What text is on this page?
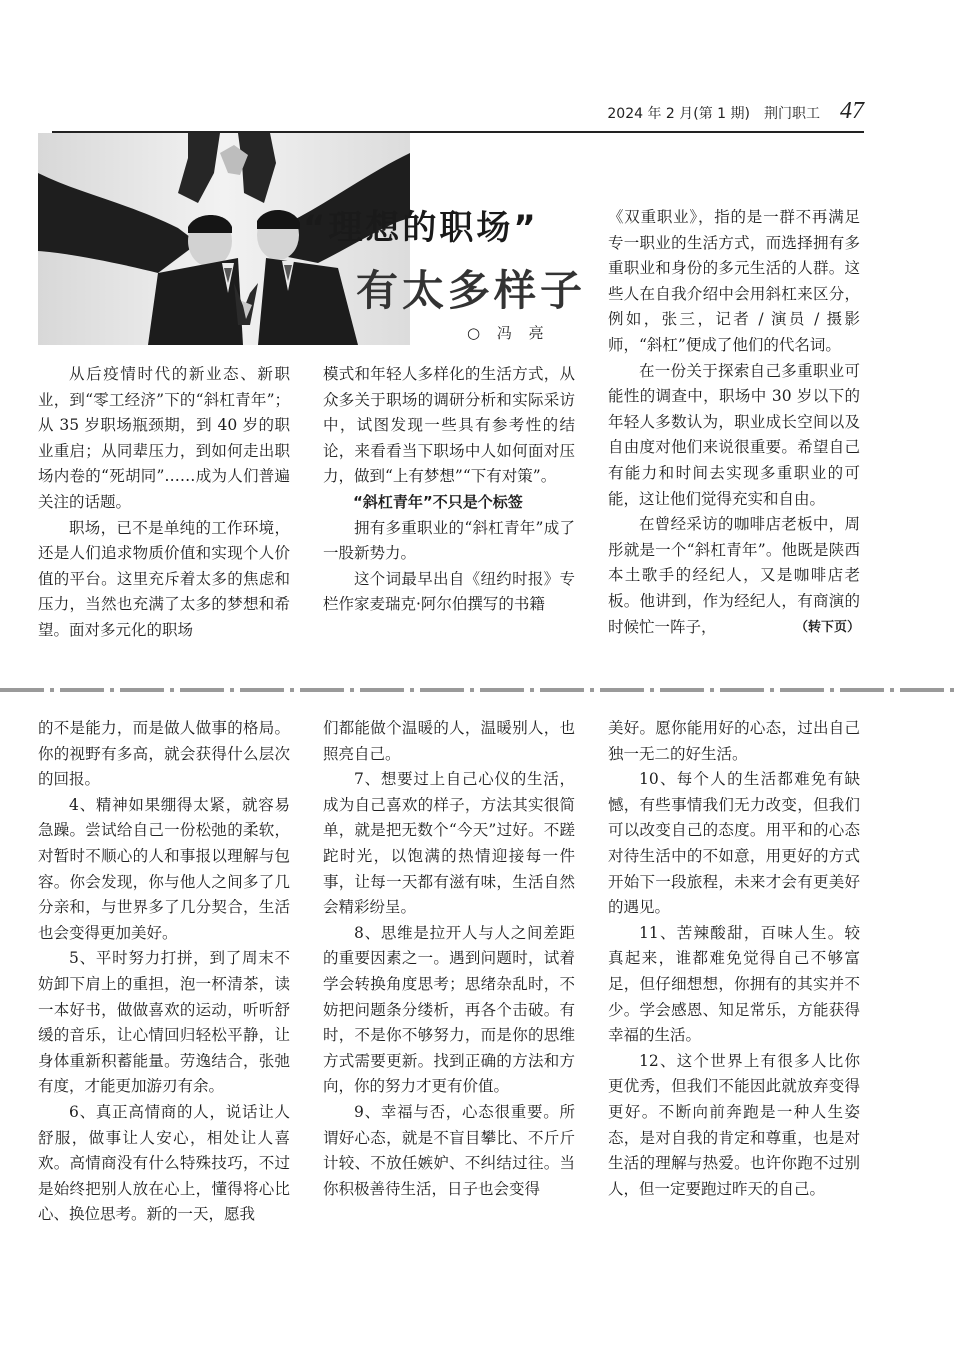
2024 年 2 月(第 1 期) 荆门职工 47
“理想的职场”
有太多样子
○ 冯 亮

从后疫情时代的新业态、新职业，到“零工经济”下的“斜杠青年”；从 35 岁职场瓶颈期，到 40 岁的职业重启；从同辈压力，到如何走出职场内卷的“死胡同”……成为人们普遍关注的话题。

职场，已不是单纯的工作环境，还是人们追求物质价值和实现个人价值的平台。这里充斥着太多的焦虑和压力，当然也充满了太多的梦想和希望。面对多元化的职场

模式和年轻人多样化的生活方式，从众多关于职场的调研分析和实际采访中，试图发现一些具有参考性的结论，来看看当下职场中人如何面对压力，做到“上有梦想”“下有对策”。

“斜杠青年”不只是个标签

拥有多重职业的“斜杠青年”成了一股新势力。

这个词最早出自《纽约时报》专栏作家麦瑞克·阿尔伯撰写的书籍

《双重职业》，指的是一群不再满足专一职业的生活方式，而选择拥有多重职业和身份的多元生活的人群。这些人在自我介绍中会用斜杠来区分，例如，张三，记者 / 演员 / 摄影师，“斜杠”便成了他们的代名词。

在一份关于探索自己多重职业可能性的调查中，职场中 30 岁以下的年轻人多数认为，职业成长空间以及自由度对他们来说很重要。希望自己有能力和时间去实现多重职业的可能，这让他们觉得充实和自由。

在曾经采访的咖啡店老板中，周彤就是一个“斜杠青年”。他既是陕西本土歌手的经纪人，又是咖啡店老板。他讲到，作为经纪人，有商演的时候忙一阵子，	（转下页）

的不是能力，而是做人做事的格局。你的视野有多高，就会获得什么层次的回报。

4、精神如果绷得太紧，就容易急躁。尝试给自己一份松弛的柔软，对暂时不顺心的人和事报以理解与包容。你会发现，你与他人之间多了几分亲和，与世界多了几分契合，生活也会变得更加美好。

5、平时努力打拼，到了周末不妨卸下肩上的重担，泡一杯清茶，读一本好书，做做喜欢的运动，听听舒缓的音乐，让心情回归轻松平静，让身体重新积蓄能量。劳逸结合，张弛有度，才能更加游刃有余。

6、真正高情商的人，说话让人舒服，做事让人安心，相处让人喜欢。高情商没有什么特殊技巧，不过是始终把别人放在心上，懂得将心比心、换位思考。新的一天，愿我

们都能做个温暖的人，温暖别人，也照亮自己。

7、想要过上自己心仪的生活，成为自己喜欢的样子，方法其实很简单，就是把无数个“今天”过好。不蹉跎时光，以饱满的热情迎接每一件事，让每一天都有滋有味，生活自然会精彩纷呈。

8、思维是拉开人与人之间差距的重要因素之一。遇到问题时，试着学会转换角度思考；思绪杂乱时，不妨把问题条分缕析，再各个击破。有时，不是你不够努力，而是你的思维方式需要更新。找到正确的方法和方向，你的努力才更有价值。

9、幸福与否，心态很重要。所谓好心态，就是不盲目攀比、不斤斤计较、不放任嫉妒、不纠结过往。当你积极善待生活，日子也会变得

美好。愿你能用好的心态，过出自己独一无二的好生活。

10、每个人的生活都难免有缺憾，有些事情我们无力改变，但我们可以改变自己的态度。用平和的心态对待生活中的不如意，用更好的方式开始下一段旅程，未来才会有更美好的遇见。

11、苦辣酸甜，百味人生。较真起来，谁都难免觉得自己不够富足，但仔细想想，你拥有的其实并不少。学会感恩、知足常乐，方能获得幸福的生活。

12、这个世界上有很多人比你更优秀，但我们不能因此就放弃变得更好。不断向前奔跑是一种人生姿态，是对自我的肯定和尊重，也是对生活的理解与热爱。也许你跑不过别人，但一定要跑过昨天的自己。
